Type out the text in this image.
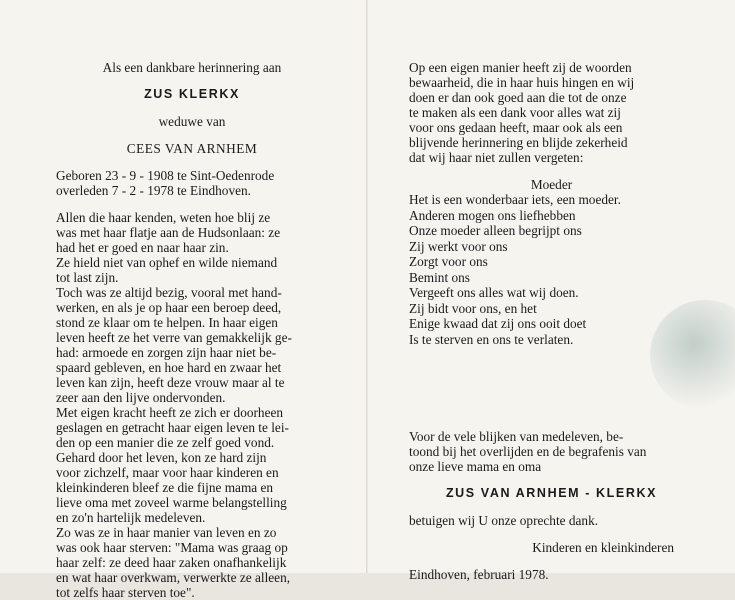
Als een dankbare herinnering aan
ZUS KLERKX
weduwe van
CEES VAN ARNHEM
Geboren 23 - 9 - 1908 te Sint-Oedenrode
overleden 7 - 2 - 1978 te Eindhoven.
Allen die haar kenden, weten hoe blij ze
was met haar flatje aan de Hudsonlaan: ze
had het er goed en naar haar zin.
Ze hield niet van ophef en wilde niemand
tot last zijn.
Toch was ze altijd bezig, vooral met hand-
werken, en als je op haar een beroep deed,
stond ze klaar om te helpen. In haar eigen
leven heeft ze het verre van gemakkelijk ge-
had: armoede en zorgen zijn haar niet be-
spaard gebleven, en hoe hard en zwaar het
leven kan zijn, heeft deze vrouw maar al te
zeer aan den lijve ondervonden.
Met eigen kracht heeft ze zich er doorheen
geslagen en getracht haar eigen leven te lei-
den op een manier die ze zelf goed vond.
Gehard door het leven, kon ze hard zijn
voor zichzelf, maar voor haar kinderen en
kleinkinderen bleef ze die fijne mama en
lieve oma met zoveel warme belangstelling
en zo'n hartelijk medeleven.
Zo was ze in haar manier van leven en zo
was ook haar sterven: "Mama was graag op
haar zelf: ze deed haar zaken onafhankelijk
en wat haar overkwam, verwerkte ze alleen,
tot zelfs haar sterven toe".
Op een eigen manier heeft zij de woorden
bewaarheid, die in haar huis hingen en wij
doen er dan ook goed aan die tot de onze
te maken als een dank voor alles wat zij
voor ons gedaan heeft, maar ook als een
blijvende herinnering en blijde zekerheid
dat wij haar niet zullen vergeten:
Moeder
Het is een wonderbaar iets, een moeder.
Anderen mogen ons liefhebben
Onze moeder alleen begrijpt ons
Zij werkt voor ons
Zorgt voor ons
Bemint ons
Vergeeft ons alles wat wij doen.
Zij bidt voor ons, en het
Enige kwaad dat zij ons ooit doet
Is te sterven en ons te verlaten.
Voor de vele blijken van medeleven, be-
toond bij het overlijden en de begrafenis van
onze lieve mama en oma
ZUS VAN ARNHEM - KLERKX
betuigen wij U onze oprechte dank.
Kinderen en kleinkinderen
Eindhoven, februari 1978.
